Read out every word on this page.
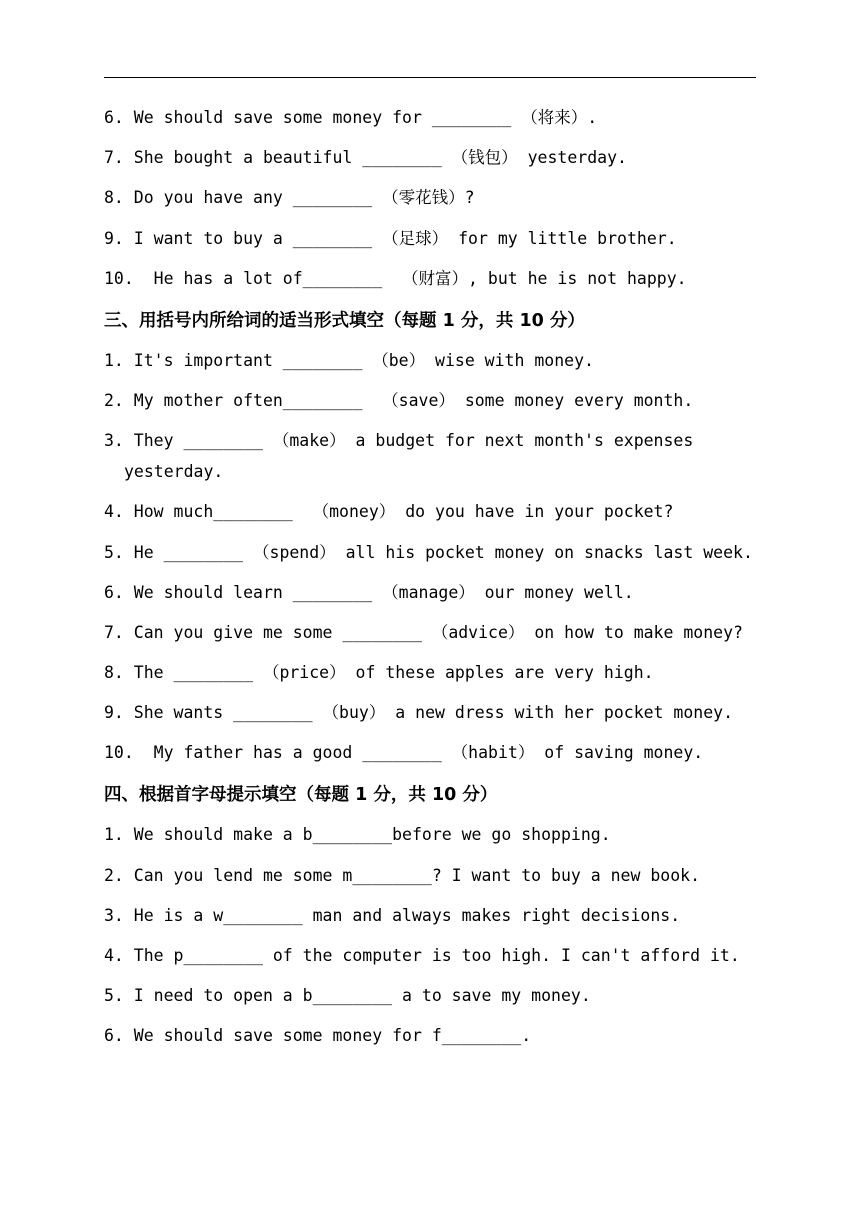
6. We should save some money for ________ （将来）.
7. She bought a beautiful ________ （钱包） yesterday.
8. Do you have any ________ （零花钱）?
9. I want to buy a ________ （足球） for my little brother.
10.  He has a lot of________  （财富）, but he is not happy.
三、用括号内所给词的适当形式填空（每题 1 分，共 10 分）
1. It's important ________ （be） wise with money.
2. My mother often________  （save） some money every month.
3. They ________ （make） a budget for next month's expenses
yesterday.
4. How much________  （money） do you have in your pocket?
5. He ________ （spend） all his pocket money on snacks last week.
6. We should learn ________ （manage） our money well.
7. Can you give me some ________ （advice） on how to make money?
8. The ________ （price） of these apples are very high.
9. She wants ________ （buy） a new dress with her pocket money.
10.  My father has a good ________ （habit） of saving money.
四、根据首字母提示填空（每题 1 分，共 10 分）
1. We should make a b________before we go shopping.
2. Can you lend me some m________? I want to buy a new book.
3. He is a w________ man and always makes right decisions.
4. The p________ of the computer is too high. I can't afford it.
5. I need to open a b________ a to save my money.
6. We should save some money for f________.
